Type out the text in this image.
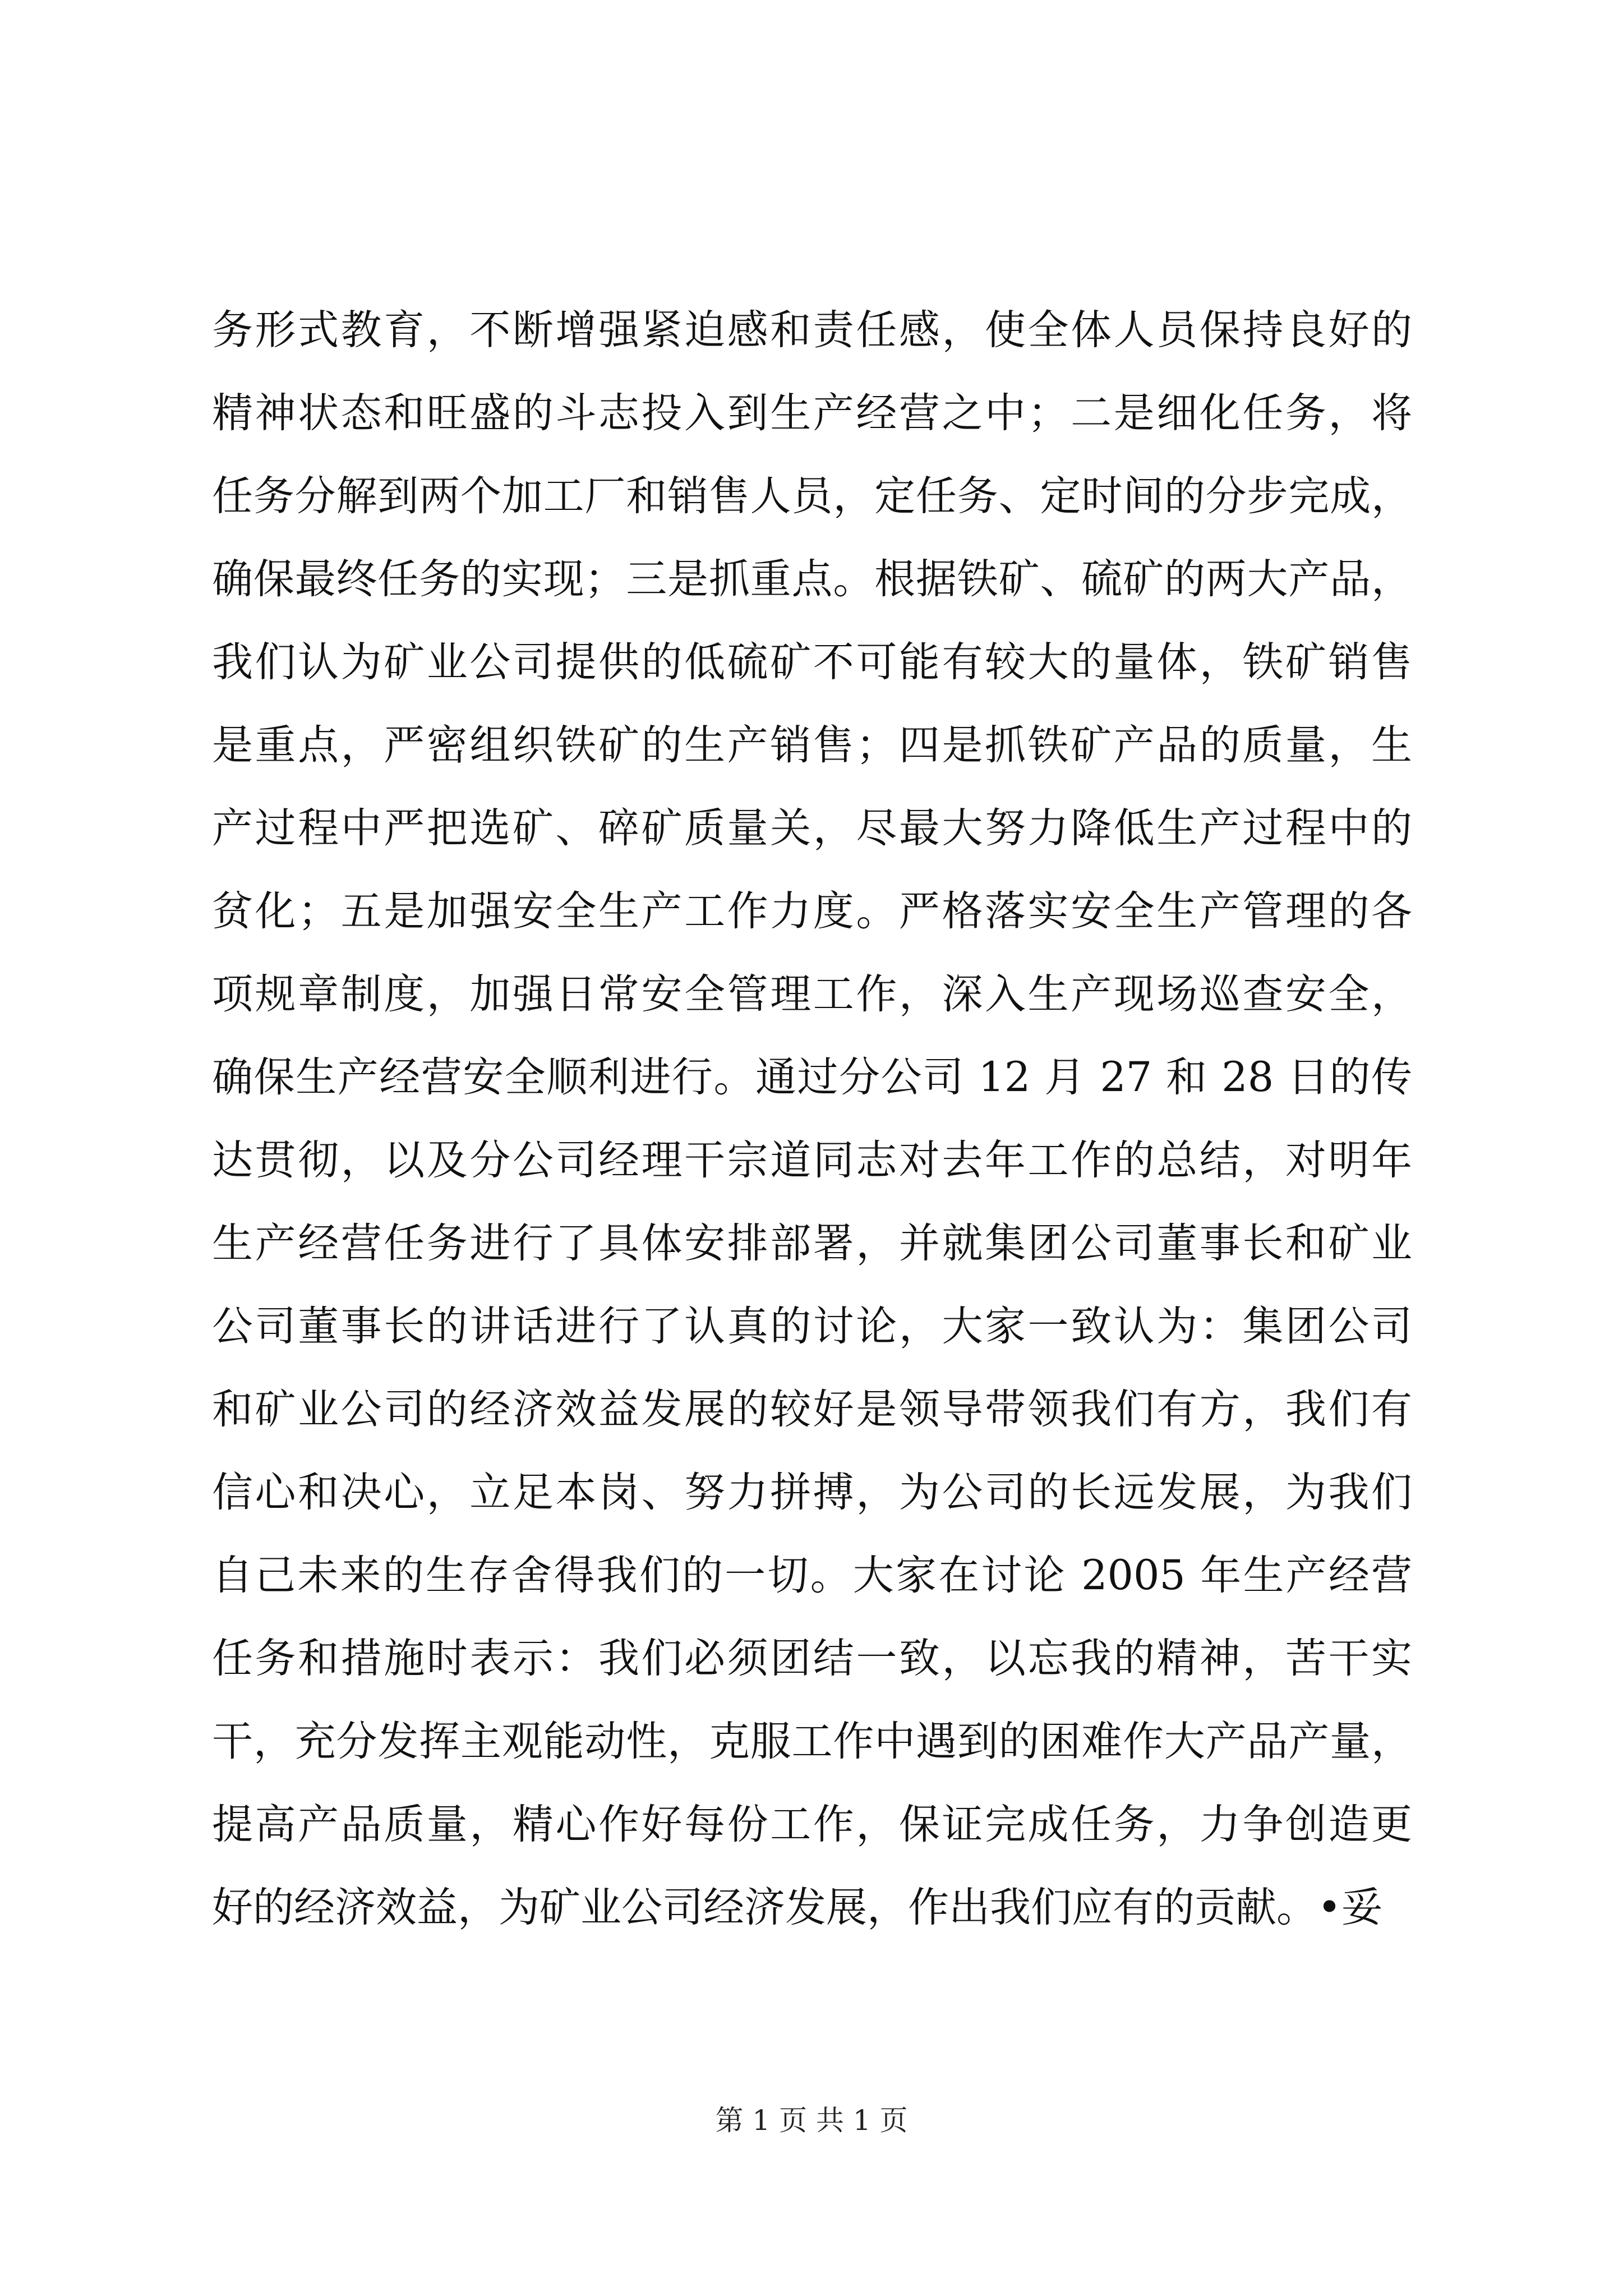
务形式教育，不断增强紧迫感和责任感，使全体人员保持良好的
精神状态和旺盛的斗志投入到生产经营之中；二是细化任务，将
任务分解到两个加工厂和销售人员，定任务、定时间的分步完成，
确保最终任务的实现；三是抓重点。根据铁矿、硫矿的两大产品，
我们认为矿业公司提供的低硫矿不可能有较大的量体，铁矿销售
是重点，严密组织铁矿的生产销售；四是抓铁矿产品的质量，生
产过程中严把选矿、碎矿质量关，尽最大努力降低生产过程中的
贫化；五是加强安全生产工作力度。严格落实安全生产管理的各
项规章制度，加强日常安全管理工作，深入生产现场巡查安全，
确保生产经营安全顺利进行。通过分公司 12 月 27 和 28 日的传
达贯彻，以及分公司经理干宗道同志对去年工作的总结，对明年
生产经营任务进行了具体安排部署，并就集团公司董事长和矿业
公司董事长的讲话进行了认真的讨论，大家一致认为：集团公司
和矿业公司的经济效益发展的较好是领导带领我们有方，我们有
信心和决心，立足本岗、努力拼搏，为公司的长远发展，为我们
自己未来的生存舍得我们的一切。大家在讨论 2005 年生产经营
任务和措施时表示：我们必须团结一致，以忘我的精神，苦干实
干，充分发挥主观能动性，克服工作中遇到的困难作大产品产量，
提高产品质量，精心作好每份工作，保证完成任务，力争创造更
好的经济效益，为矿业公司经济发展，作出我们应有的贡献。•妥
第 1 页 共 1 页
